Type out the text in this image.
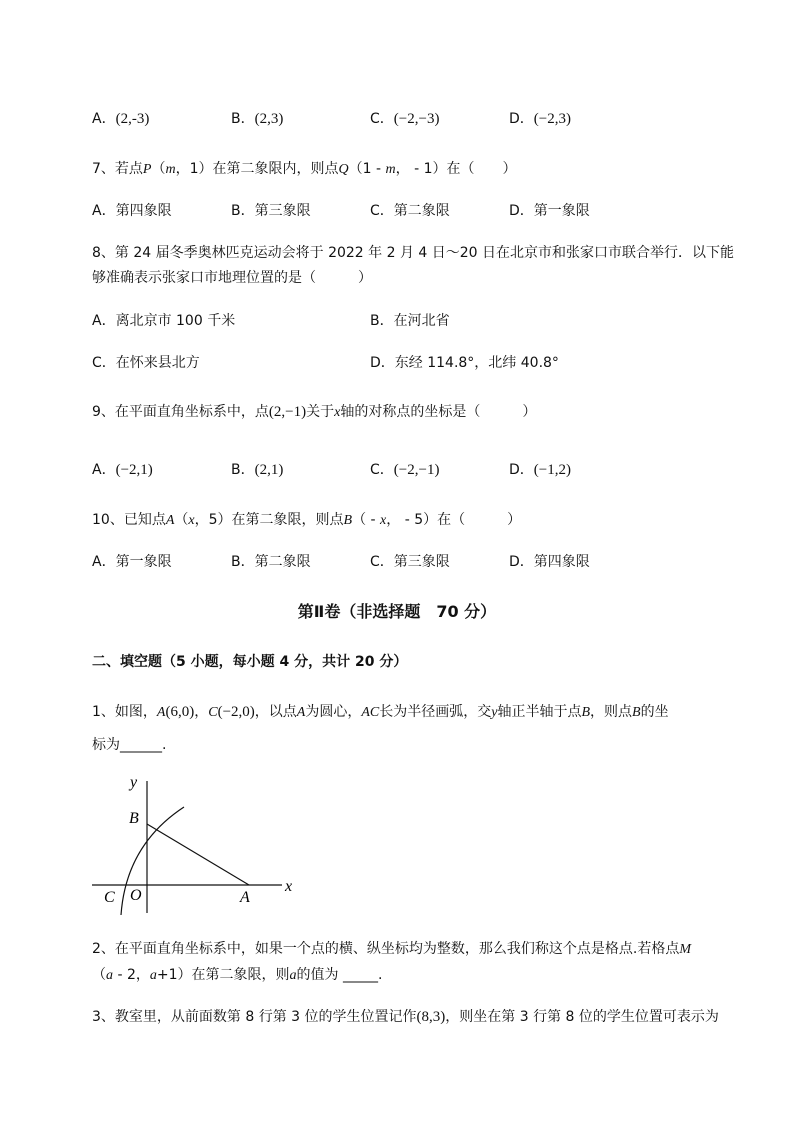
A．(2,-3)	B．(2,3)	C．(−2,−3)	D．(−2,3)
7、若点P（m，1）在第二象限内，则点Q（1 - m， - 1）在（　　）
A．第四象限	B．第三象限	C．第二象限	D．第一象限
8、第 24 届冬季奥林匹克运动会将于 2022 年 2 月 4 日～20 日在北京市和张家口市联合举行．以下能
够准确表示张家口市地理位置的是（　　　）
A．离北京市 100 千米	B．在河北省
C．在怀来县北方	D．东经 114.8°，北纬 40.8°
9、在平面直角坐标系中，点(2,−1)关于x轴的对称点的坐标是（　　　）
A．(−2,1)	B．(2,1)	C．(−2,−1)	D．(−1,2)
10、已知点A（x，5）在第二象限，则点B（ - x， - 5）在（　　　）
A．第一象限	B．第二象限	C．第三象限	D．第四象限
第Ⅱ卷（非选择题　70 分）
二、填空题（5 小题，每小题 4 分，共计 20 分）
1、如图，A(6,0)，C(−2,0)，以点A为圆心，AC长为半径画弧，交y轴正半轴于点B，则点B的坐
标为______.
y
x
B
O
C	A
2、在平面直角坐标系中，如果一个点的横、纵坐标均为整数，那么我们称这个点是格点.若格点M
（a - 2，a+1）在第二象限，则a的值为 _____.
3、教室里，从前面数第 8 行第 3 位的学生位置记作(8,3)，则坐在第 3 行第 8 位的学生位置可表示为
